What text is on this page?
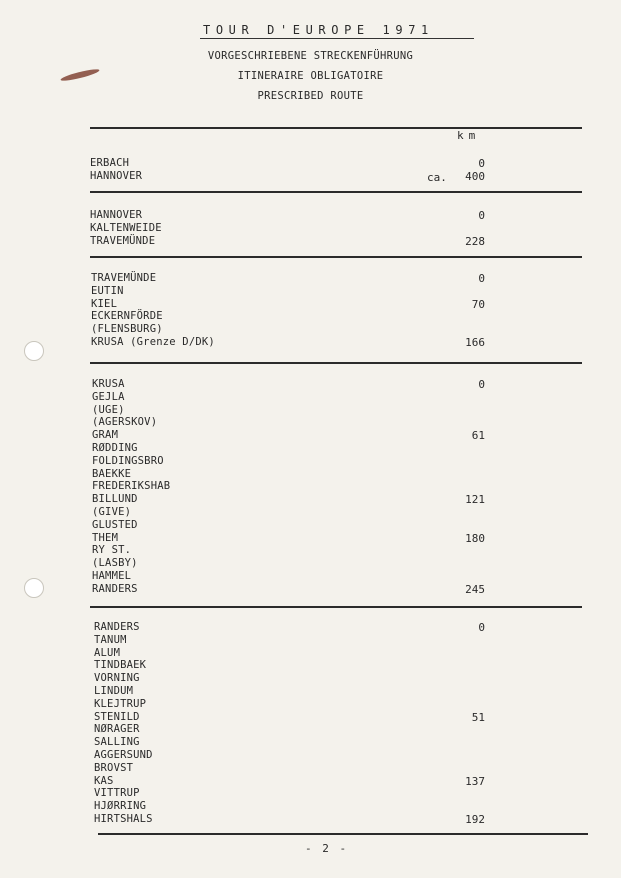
TOUR D'EUROPE 1971
VORGESCHRIEBENE STRECKENFÜHRUNG
ITINERAIRE OBLIGATOIRE
PRESCRIBED ROUTE
km
ERBACH
HANNOVER
0
400
ca.
HANNOVER
KALTENWEIDE
TRAVEMÜNDE
0
228
TRAVEMÜNDE
EUTIN
KIEL
ECKERNFÖRDE
(FLENSBURG)
KRUSA (Grenze D/DK)
0
70
166
KRUSA
GEJLA
(UGE)
(AGERSKOV)
GRAM
RØDDING
FOLDINGSBRO
BAEKKE
FREDERIKSHAB
BILLUND
(GIVE)
GLUSTED
THEM
RY ST.
(LASBY)
HAMMEL
RANDERS
0
61
121
180
245
RANDERS
TANUM
ALUM
TINDBAEK
VORNING
LINDUM
KLEJTRUP
STENILD
NØRAGER
SALLING
AGGERSUND
BROVST
KAS
VITTRUP
HJØRRING
HIRTSHALS
0
51
137
192
- 2 -
